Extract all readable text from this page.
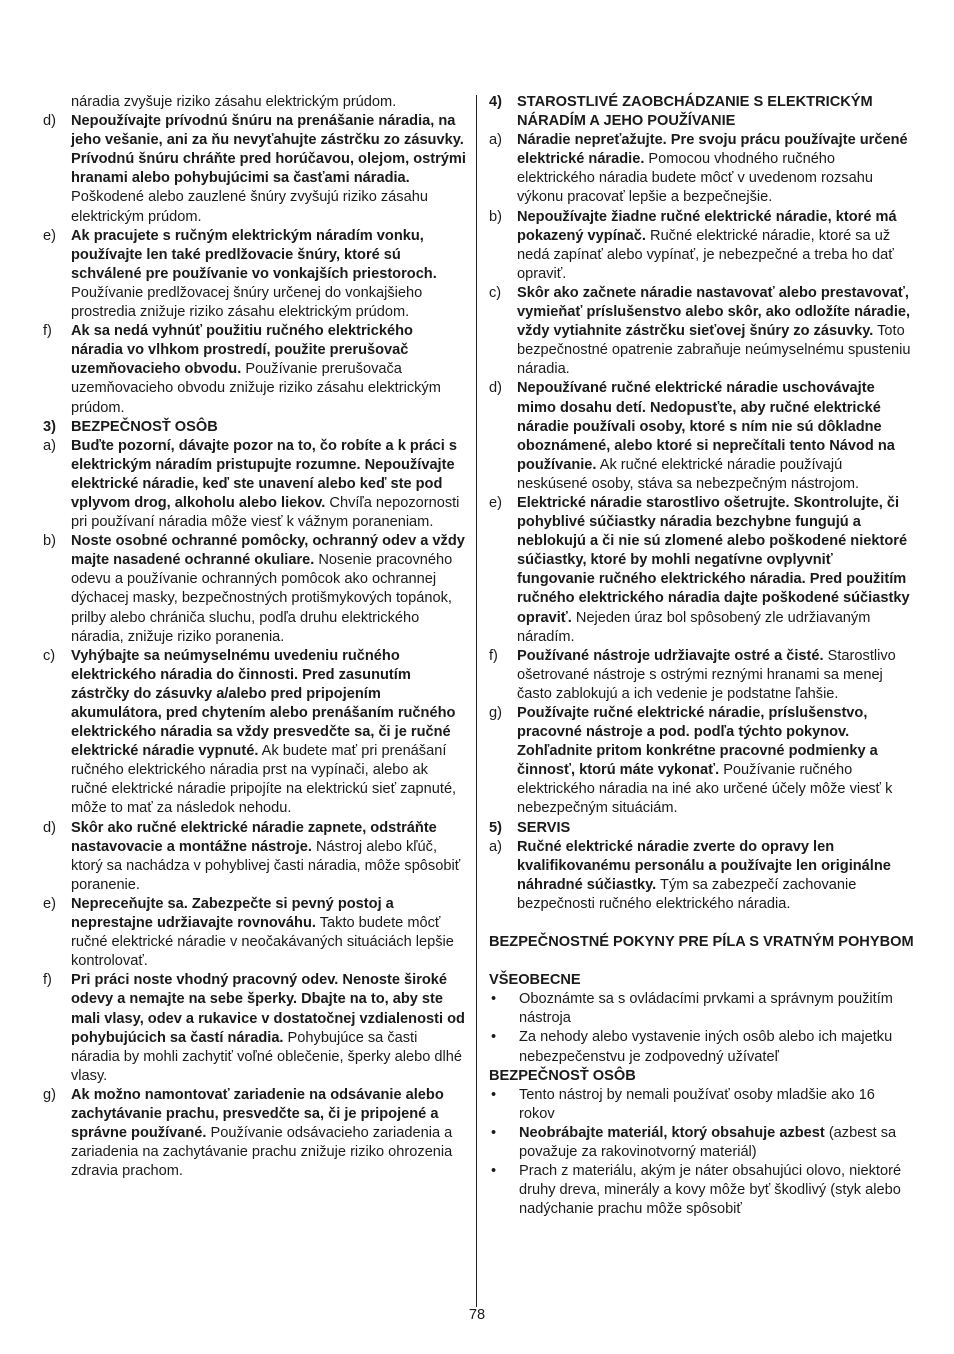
náradia zvyšuje riziko zásahu elektrickým prúdom.
d)	Nepoužívajte prívodnú šnúru na prenášanie náradia, na jeho vešanie, ani za ňu nevyťahujte zástrčku zo zásuvky. Prívodnú šnúru chráňte pred horúčavou, olejom, ostrými hranami alebo pohybujúcimi sa časťami náradia. Poškodené alebo zauzlené šnúry zvyšujú riziko zásahu elektrickým prúdom.
e)	Ak pracujete s ručným elektrickým náradím vonku, používajte len také predlžovacie šnúry, ktoré sú schválené pre používanie vo vonkajších priestoroch. Používanie predlžovacej šnúry určenej do vonkajšieho prostredia znižuje riziko zásahu elektrickým prúdom.
f)	Ak sa nedá vyhnúť použitiu ručného elektrického náradia vo vlhkom prostredí, použite prerušovač uzemňovacieho obvodu. Používanie prerušovača uzemňovacieho obvodu znižuje riziko zásahu elektrickým prúdom.
3)	BEZPEČNOSŤ OSÔB
a)	Buďte pozorní, dávajte pozor na to, čo robíte a k práci s elektrickým náradím pristupujte rozumne. Nepoužívajte elektrické náradie, keď ste unavení alebo keď ste pod vplyvom drog, alkoholu alebo liekov. Chvíľa nepozornosti pri používaní náradia môže viesť k vážnym poraneniam.
b)	Noste osobné ochranné pomôcky, ochranný odev a vždy majte nasadené ochranné okuliare. Nosenie pracovného odevu a používanie ochranných pomôcok ako ochrannej dýchacej masky, bezpečnostných protišmykových topánok, prilby alebo chrániča sluchu, podľa druhu elektrického náradia, znižuje riziko poranenia.
c)	Vyhýbajte sa neúmyselnému uvedeniu ručného elektrického náradia do činnosti. Pred zasunutím zástrčky do zásuvky a/alebo pred pripojením akumulátora, pred chytením alebo prenášaním ručného elektrického náradia sa vždy presvedčte sa, či je ručné elektrické náradie vypnuté. Ak budete mať pri prenášaní ručného elektrického náradia prst na vypínači, alebo ak ručné elektrické náradie pripojíte na elektrickú sieť zapnuté, môže to mať za následok nehodu.
d)	Skôr ako ručné elektrické náradie zapnete, odstráňte nastavovacie a montážne nástroje. Nástroj alebo kľúč, ktorý sa nachádza v pohyblivej časti náradia, môže spôsobiť poranenie.
e)	Nepreceňujte sa. Zabezpečte si pevný postoj a neprestajne udržiavajte rovnováhu. Takto budete môcť ručné elektrické náradie v neočakávaných situáciách lepšie kontrolovať.
f)	Pri práci noste vhodný pracovný odev. Nenoste široké odevy a nemajte na sebe šperky. Dbajte na to, aby ste mali vlasy, odev a rukavice v dostatočnej vzdialenosti od pohybujúcich sa častí náradia. Pohybujúce sa časti náradia by mohli zachytiť voľné oblečenie, šperky alebo dlhé vlasy.
g)	Ak možno namontovať zariadenie na odsávanie alebo zachytávanie prachu, presvedčte sa, či je pripojené a správne používané. Používanie odsávacieho zariadenia a zariadenia na zachytávanie prachu znižuje riziko ohrozenia zdravia prachom.
4)	STAROSTLIVÉ ZAOBCHÁDZANIE S ELEKTRICKÝM NÁRADÍM A JEHO POUŽÍVANIE
a)	Náradie nepreťažujte. Pre svoju prácu používajte určené elektrické náradie. Pomocou vhodného ručného elektrického náradia budete môcť v uvedenom rozsahu výkonu pracovať lepšie a bezpečnejšie.
b)	Nepoužívajte žiadne ručné elektrické náradie, ktoré má pokazený vypínač. Ručné elektrické náradie, ktoré sa už nedá zapínať alebo vypínať, je nebezpečné a treba ho dať opraviť.
c)	Skôr ako začnete náradie nastavovať alebo prestavovať, vymieňať príslušenstvo alebo skôr, ako odložíte náradie, vždy vytiahnite zástrčku sieťovej šnúry zo zásuvky. Toto bezpečnostné opatrenie zabraňuje neúmyselnému spusteniu náradia.
d)	Nepoužívané ručné elektrické náradie uschovávajte mimo dosahu detí. Nedopusťte, aby ručné elektrické náradie používali osoby, ktoré s ním nie sú dôkladne oboznámené, alebo ktoré si neprečítali tento Návod na používanie. Ak ručné elektrické náradie používajú neskúsené osoby, stáva sa nebezpečným nástrojom.
e)	Elektrické náradie starostlivo ošetrujte. Skontrolujte, či pohyblivé súčiastky náradia bezchybne fungujú a neblokujú a či nie sú zlomené alebo poškodené niektoré súčiastky, ktoré by mohli negatívne ovplyvniť fungovanie ručného elektrického náradia. Pred použitím ručného elektrického náradia dajte poškodené súčiastky opraviť. Nejeden úraz bol spôsobený zle udržiavaným náradím.
f)	Používané nástroje udržiavajte ostré a čisté. Starostlivo ošetrované nástroje s ostrými reznými hranami sa menej často zablokujú a ich vedenie je podstatne ľahšie.
g)	Používajte ručné elektrické náradie, príslušenstvo, pracovné nástroje a pod. podľa týchto pokynov. Zohľadnite pritom konkrétne pracovné podmienky a činnosť, ktorú máte vykonať. Používanie ručného elektrického náradia na iné ako určené účely môže viesť k nebezpečným situáciám.
5)	SERVIS
a)	Ručné elektrické náradie zverte do opravy len kvalifikovanému personálu a používajte len originálne náhradné súčiastky. Tým sa zabezpečí zachovanie bezpečnosti ručného elektrického náradia.
BEZPEČNOSTNÉ POKYNY PRE PÍLA S VRATNÝM POHYBOM
VŠEOBECNE
•	Oboznámte sa s ovládacími prvkami a správnym použitím nástroja
•	Za nehody alebo vystavenie iných osôb alebo ich majetku nebezpečenstvu je zodpovedný užívateľ
BEZPEČNOSŤ OSÔB
•	Tento nástroj by nemali používať osoby mladšie ako 16 rokov
•	Neobrábajte materiál, ktorý obsahuje azbest (azbest sa považuje za rakovinotvorný materiál)
•	Prach z materiálu, akým je náter obsahujúci olovo, niektoré druhy dreva, minerály a kovy môže byť škodlivý (styk alebo nadýchanie prachu môže spôsobiť
78
